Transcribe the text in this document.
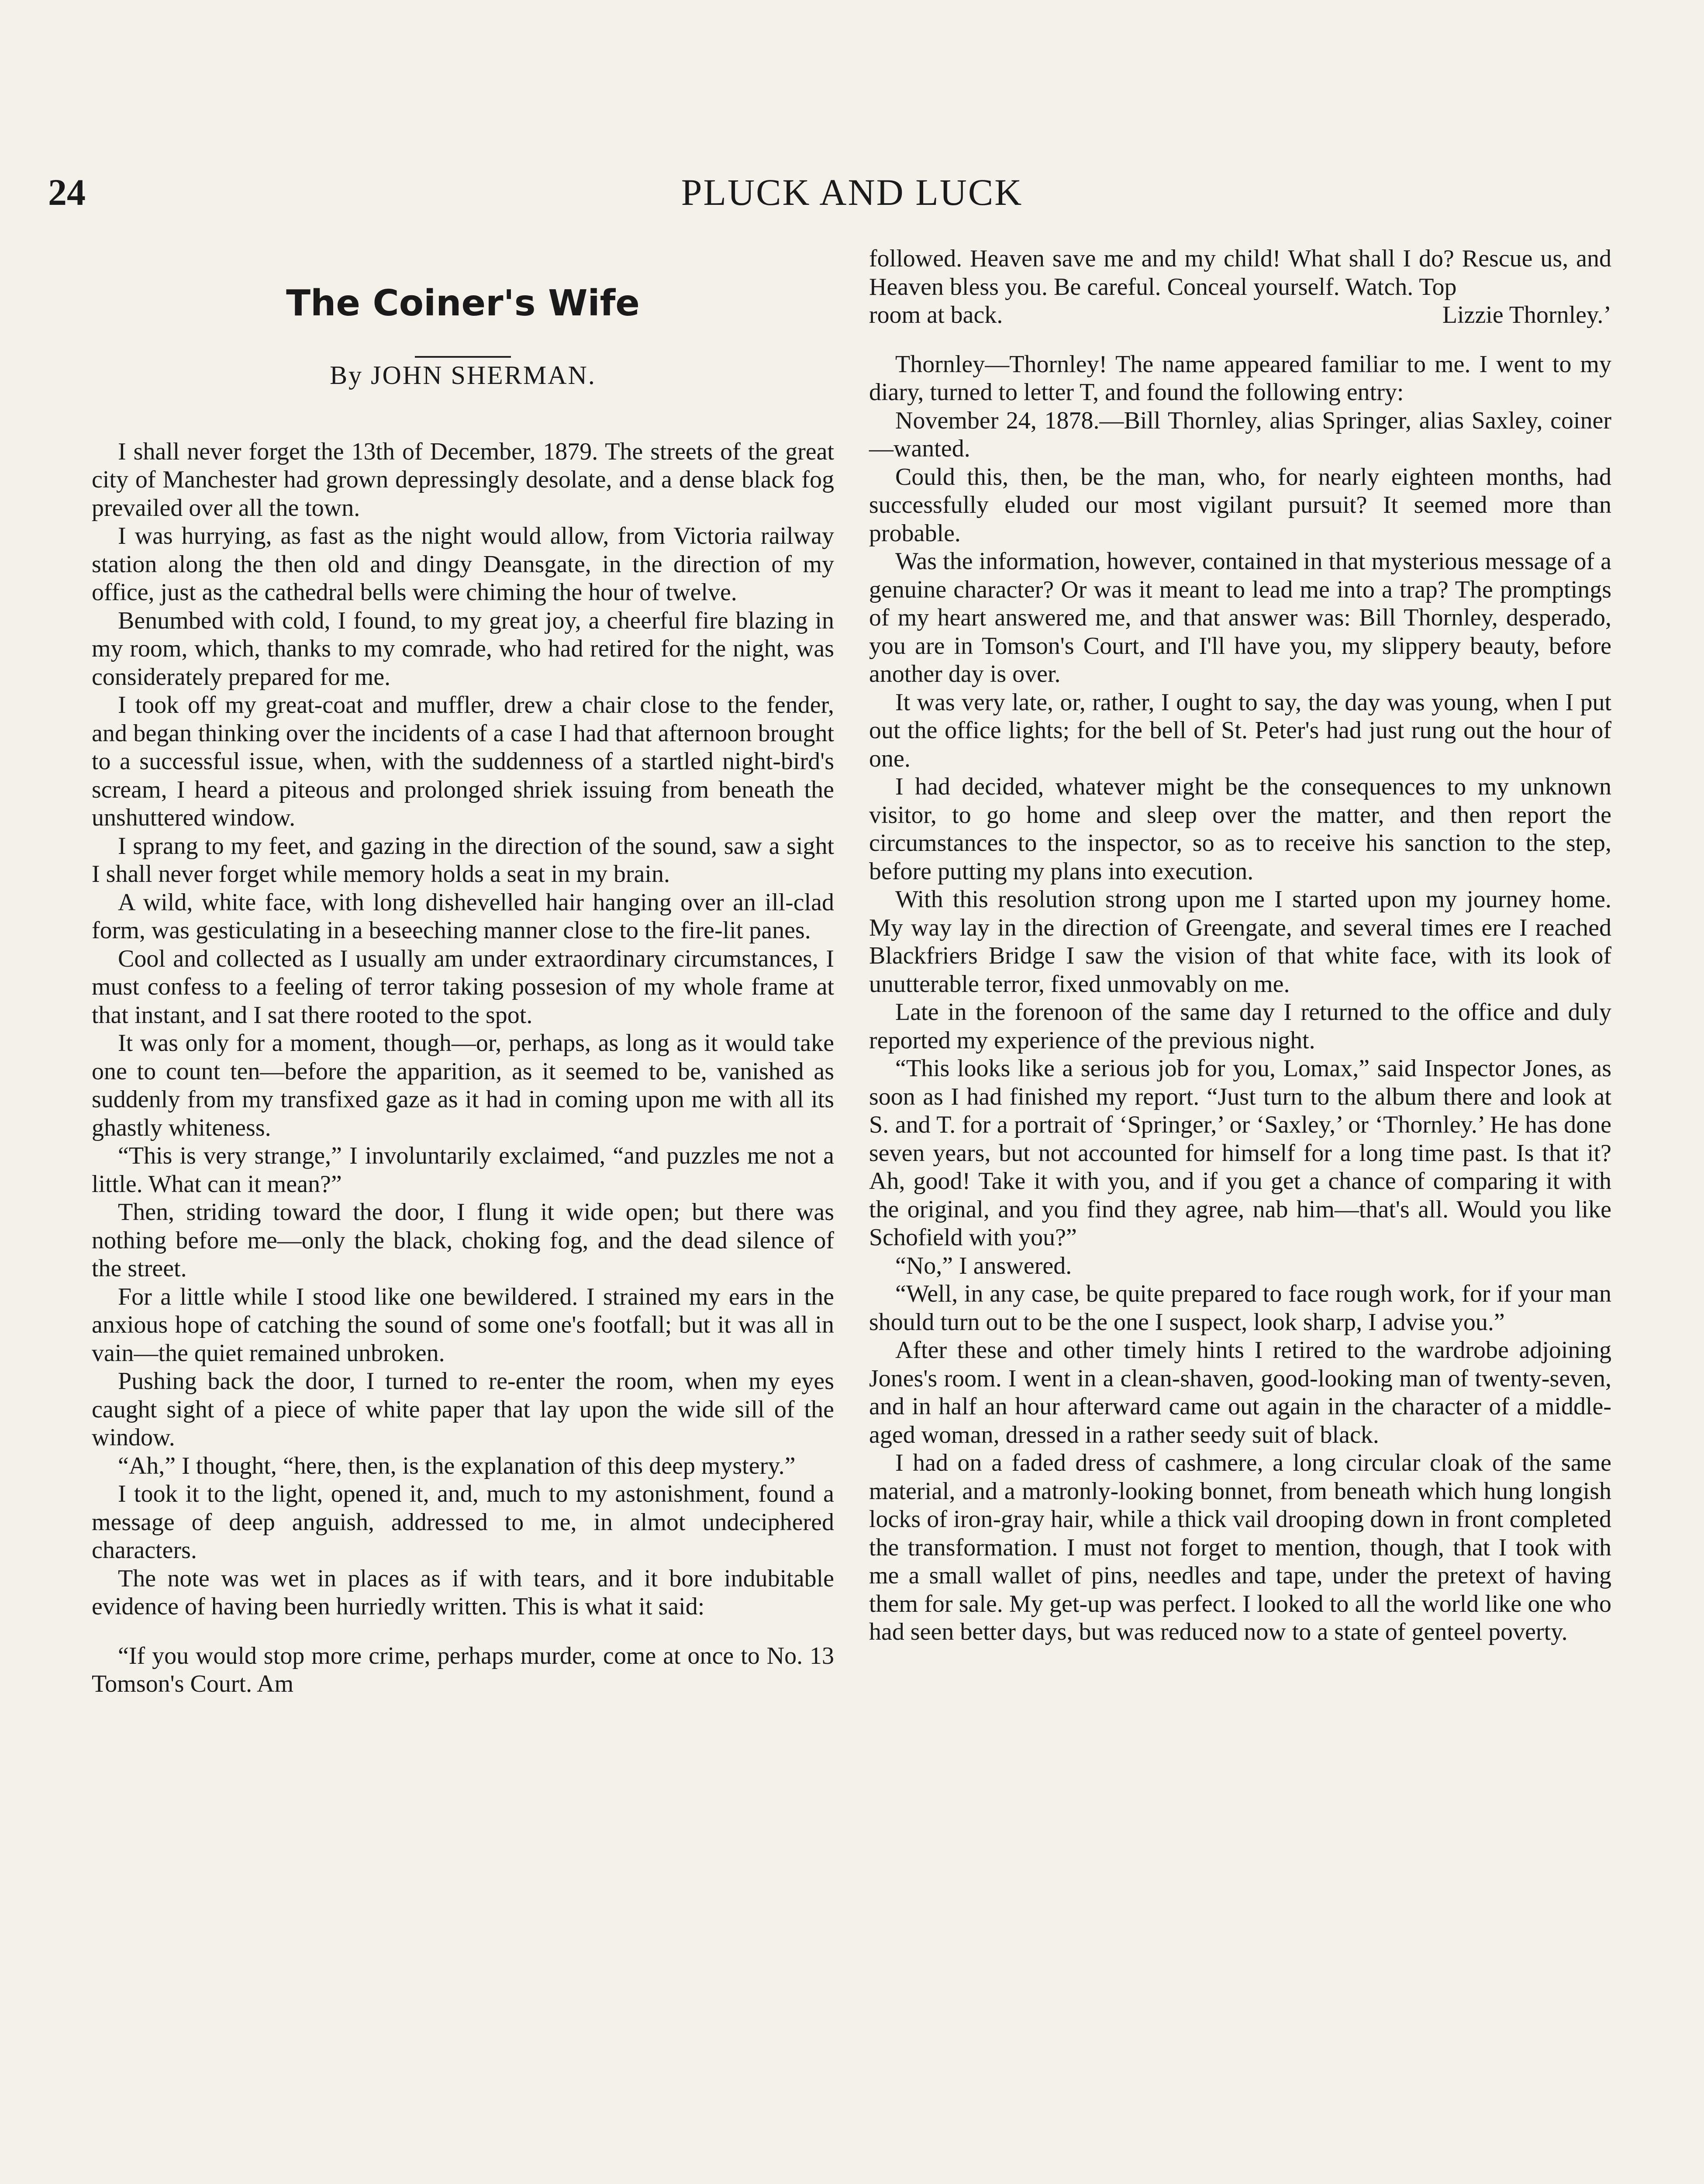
24	PLUCK AND LUCK
The Coiner's Wife
By JOHN SHERMAN.

I shall never forget the 13th of December, 1879. The streets of the great city of Manchester had grown depressingly desolate, and a dense black fog prevailed over all the town.

I was hurrying, as fast as the night would allow, from Victoria railway station along the then old and dingy Deansgate, in the direction of my office, just as the cathedral bells were chiming the hour of twelve.

Benumbed with cold, I found, to my great joy, a cheerful fire blazing in my room, which, thanks to my comrade, who had retired for the night, was considerately prepared for me.

I took off my great-coat and muffler, drew a chair close to the fender, and began thinking over the incidents of a case I had that afternoon brought to a successful issue, when, with the suddenness of a startled night-bird's scream, I heard a piteous and prolonged shriek issuing from beneath the unshuttered window.

I sprang to my feet, and gazing in the direction of the sound, saw a sight I shall never forget while memory holds a seat in my brain.

A wild, white face, with long dishevelled hair hanging over an ill-clad form, was gesticulating in a beseeching manner close to the fire-lit panes.

Cool and collected as I usually am under extraordinary circumstances, I must confess to a feeling of terror taking possesion of my whole frame at that instant, and I sat there rooted to the spot.

It was only for a moment, though—or, perhaps, as long as it would take one to count ten—before the apparition, as it seemed to be, vanished as suddenly from my transfixed gaze as it had in coming upon me with all its ghastly whiteness.

“This is very strange,” I involuntarily exclaimed, “and puzzles me not a little. What can it mean?”

Then, striding toward the door, I flung it wide open; but there was nothing before me—only the black, choking fog, and the dead silence of the street.

For a little while I stood like one bewildered. I strained my ears in the anxious hope of catching the sound of some one's footfall; but it was all in vain—the quiet remained unbroken.

Pushing back the door, I turned to re-enter the room, when my eyes caught sight of a piece of white paper that lay upon the wide sill of the window.

“Ah,” I thought, “here, then, is the explanation of this deep mystery.”

I took it to the light, opened it, and, much to my astonishment, found a message of deep anguish, addressed to me, in almot undeciphered characters.

The note was wet in places as if with tears, and it bore indubitable evidence of having been hurriedly written. This is what it said:

“If you would stop more crime, perhaps murder, come at once to No. 13 Tomson's Court. Am

followed. Heaven save me and my child! What shall I do? Rescue us, and Heaven bless you. Be careful. Conceal yourself. Watch. Top

room at back.	Lizzie Thornley.’

Thornley—Thornley! The name appeared familiar to me. I went to my diary, turned to letter T, and found the following entry:

November 24, 1878.—Bill Thornley, alias Springer, alias Saxley, coiner—wanted.

Could this, then, be the man, who, for nearly eighteen months, had successfully eluded our most vigilant pursuit? It seemed more than probable.

Was the information, however, contained in that mysterious message of a genuine character? Or was it meant to lead me into a trap? The promptings of my heart answered me, and that answer was: Bill Thornley, desperado, you are in Tomson's Court, and I'll have you, my slippery beauty, before another day is over.

It was very late, or, rather, I ought to say, the day was young, when I put out the office lights; for the bell of St. Peter's had just rung out the hour of one.

I had decided, whatever might be the consequences to my unknown visitor, to go home and sleep over the matter, and then report the circumstances to the inspector, so as to receive his sanction to the step, before putting my plans into execution.

With this resolution strong upon me I started upon my journey home. My way lay in the direction of Greengate, and several times ere I reached Blackfriers Bridge I saw the vision of that white face, with its look of unutterable terror, fixed unmovably on me.

Late in the forenoon of the same day I returned to the office and duly reported my experience of the previous night.

“This looks like a serious job for you, Lomax,” said Inspector Jones, as soon as I had finished my report. “Just turn to the album there and look at S. and T. for a portrait of ‘Springer,’ or ‘Saxley,’ or ‘Thornley.’ He has done seven years, but not accounted for himself for a long time past. Is that it? Ah, good! Take it with you, and if you get a chance of comparing it with the original, and you find they agree, nab him—that's all. Would you like Schofield with you?”

“No,” I answered.

“Well, in any case, be quite prepared to face rough work, for if your man should turn out to be the one I suspect, look sharp, I advise you.”

After these and other timely hints I retired to the wardrobe adjoining Jones's room. I went in a clean-shaven, good-looking man of twenty-seven, and in half an hour afterward came out again in the character of a middle-aged woman, dressed in a rather seedy suit of black.

I had on a faded dress of cashmere, a long circular cloak of the same material, and a matronly-looking bonnet, from beneath which hung longish locks of iron-gray hair, while a thick vail drooping down in front completed the transformation. I must not forget to mention, though, that I took with me a small wallet of pins, needles and tape, under the pretext of having them for sale. My get-up was perfect. I looked to all the world like one who had seen better days, but was reduced now to a state of genteel poverty.
